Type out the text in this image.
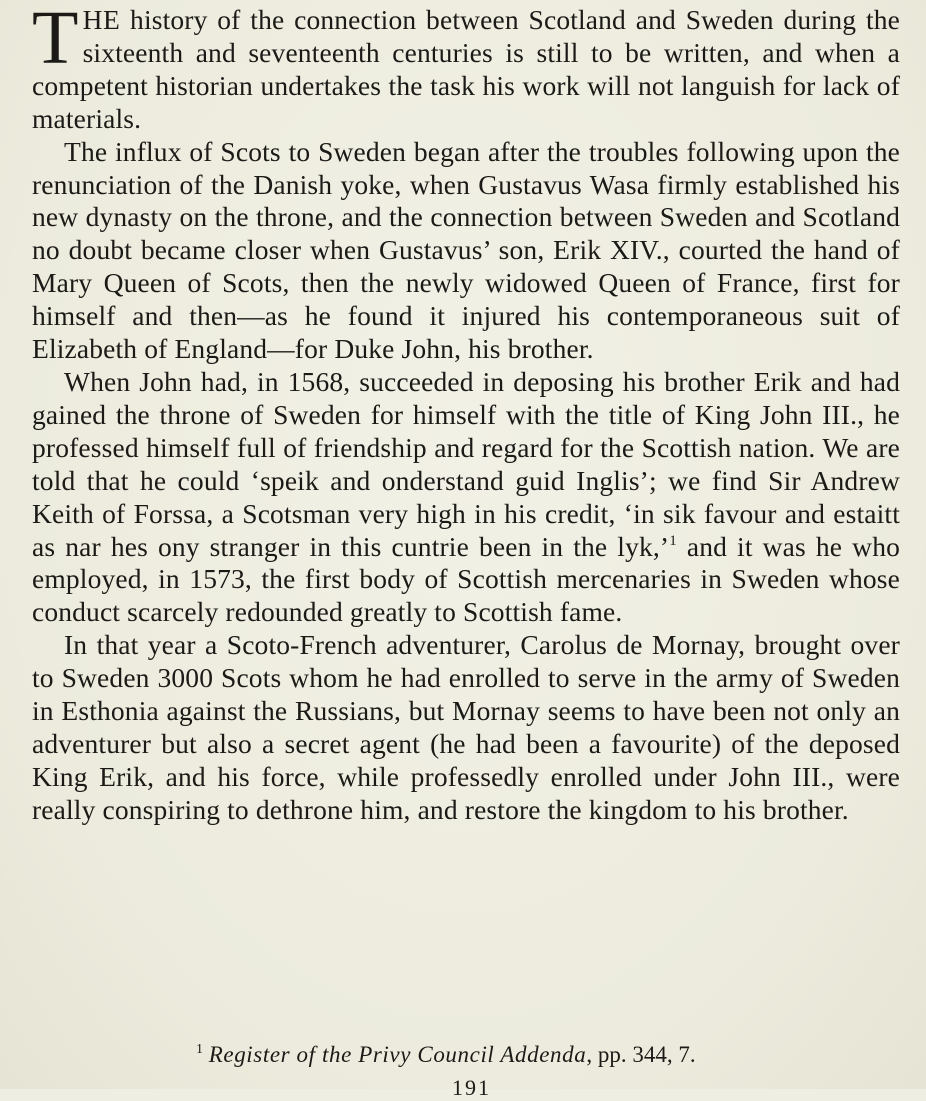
THE history of the connection between Scotland and Sweden during the sixteenth and seventeenth centuries is still to be written, and when a competent historian undertakes the task his work will not languish for lack of materials.

The influx of Scots to Sweden began after the troubles following upon the renunciation of the Danish yoke, when Gustavus Wasa firmly established his new dynasty on the throne, and the connection between Sweden and Scotland no doubt became closer when Gustavus’ son, Erik XIV., courted the hand of Mary Queen of Scots, then the newly widowed Queen of France, first for himself and then—as he found it injured his contemporaneous suit of Elizabeth of England—for Duke John, his brother.

When John had, in 1568, succeeded in deposing his brother Erik and had gained the throne of Sweden for himself with the title of King John III., he professed himself full of friendship and regard for the Scottish nation. We are told that he could ‘speik and onderstand guid Inglis’; we find Sir Andrew Keith of Forssa, a Scotsman very high in his credit, ‘in sik favour and estaitt as nar hes ony stranger in this cuntrie been in the lyk,’$^1$ and it was he who employed, in 1573, the first body of Scottish mercenaries in Sweden whose conduct scarcely redounded greatly to Scottish fame.

In that year a Scoto-French adventurer, Carolus de Mornay, brought over to Sweden 3000 Scots whom he had enrolled to serve in the army of Sweden in Esthonia against the Russians, but Mornay seems to have been not only an adventurer but also a secret agent (he had been a favourite) of the deposed King Erik, and his force, while professedly enrolled under John III., were really conspiring to dethrone him, and restore the kingdom to his brother.

$^1$ Register of the Privy Council Addenda, pp. 344, 7.
191
